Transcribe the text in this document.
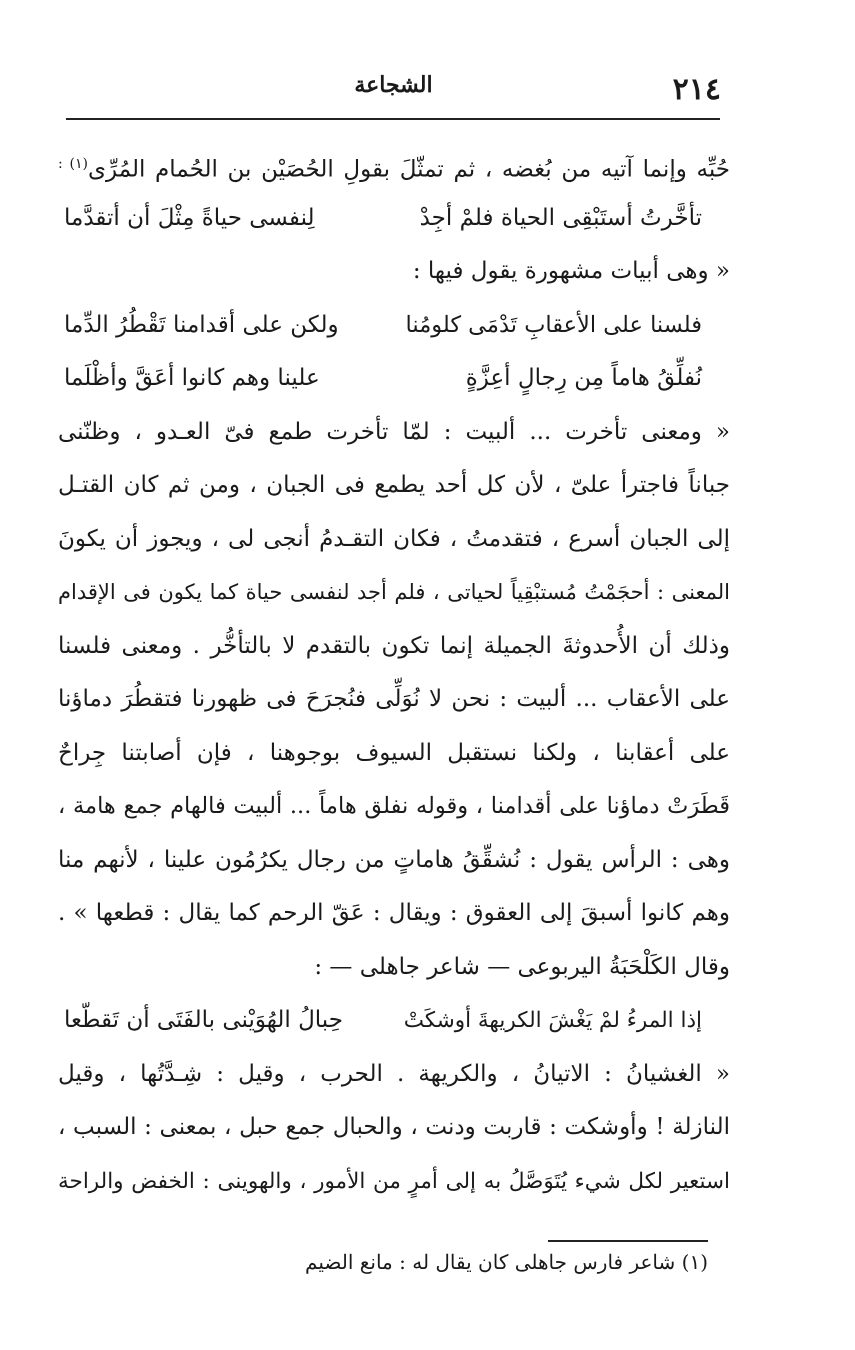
٢١٤
الشجاعة
حُبِّه وإنما آتيه من بُغضه ، ثم تمثّلَ بقولِ الحُصَيْن بن الحُمام المُرِّى$^{(١) :}$
تأخَّرتُ أستَبْقِى الحياة فلمْ أجِدْ
لِنفسى حياةً مِثْلَ أن أتقدَّما
« وهى أبيات مشهورة يقول فيها :
فلسنا على الأعقابِ تَدْمَى كلومُنا
ولكن على أقدامنا تَقْطُرُ الدِّما
نُفلِّقُ هاماً مِن رِجالٍ أعِزَّةٍ
علينا وهم كانوا أعَقَّ وأظْلَما
« ومعنى تأخرت ... ألبيت : لمّا تأخرت طمع فىّ العـدو ، وظنّنى
جباناً فاجترأ علىّ ، لأن كل أحد يطمع فى الجبان ، ومن ثم كان القتـل
إلى الجبان أسرع ، فتقدمتُ ، فكان التقـدمُ أنجى لى ، ويجوز أن يكونَ
المعنى : أحجَمْتُ مُستبْقِياً لحياتى ، فلم أجد لنفسى حياة كما يكون فى الإقدام
وذلك أن الأُحدوثةَ الجميلة إنما تكون بالتقدم لا بالتأخُّر . ومعنى فلسنا
على الأعقاب ... ألبيت : نحن لا نُوَلِّى فنُجرَحَ فى ظهورنا فتقطُرَ دماؤنا
على أعقابنا ، ولكنا نستقبل السيوف بوجوهنا ، فإن أصابتنا جِراحٌ
قَطَرَتْ دماؤنا على أقدامنا ، وقوله نفلق هاماً ... ألبيت فالهام جمع هامة ،
وهى : الرأس يقول : نُشقِّقُ هاماتٍ من رجال يكرُمُون علينا ، لأنهم منا
وهم كانوا أسبقَ إلى العقوق : ويقال : عَقّ الرحم كما يقال : قطعها » .
وقال الكَلْحَبَةُ اليربوعى — شاعر جاهلى — :
إذا المرءُ لمْ يَغْشَ الكريهةَ أوشكَتْ
حِبالُ الهُوَيْنى بالفَتَى أن تَقطّعا
« الغشيانُ : الاتيانُ ، والكريهة . الحرب ، وقيل : شِـدَّتُها ، وقيل
النازلة ! وأوشكت : قاربت ودنت ، والحبال جمع حبل ، بمعنى : السبب ،
استعير لكل شيء يُتَوَصَّلُ به إلى أمرٍ من الأمور ، والهوينى : الخفض والراحة
(١) شاعر فارس جاهلى كان يقال له : مانع الضيم
